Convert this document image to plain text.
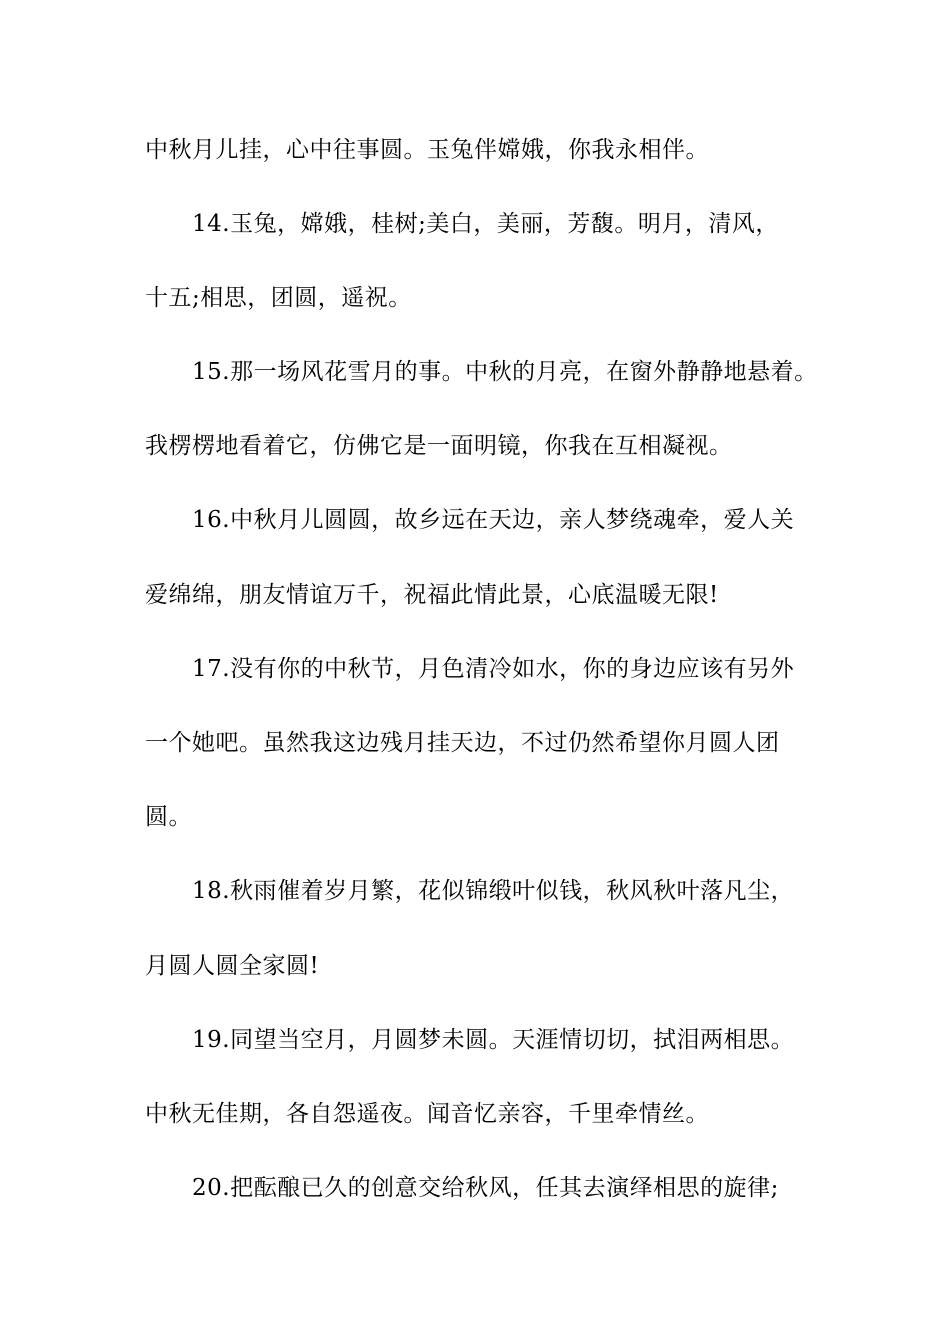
中秋月儿挂，心中往事圆。玉兔伴嫦娥，你我永相伴。
14.玉兔，嫦娥，桂树;美白，美丽，芳馥。明月，清风，
十五;相思，团圆，遥祝。
15.那一场风花雪月的事。中秋的月亮，在窗外静静地悬着。
我楞楞地看着它，仿佛它是一面明镜，你我在互相凝视。
16.中秋月儿圆圆，故乡远在天边，亲人梦绕魂牵，爱人关
爱绵绵，朋友情谊万千，祝福此情此景，心底温暖无限!
17.没有你的中秋节，月色清冷如水，你的身边应该有另外
一个她吧。虽然我这边残月挂天边，不过仍然希望你月圆人团
圆。
18.秋雨催着岁月繁，花似锦缎叶似钱，秋风秋叶落凡尘，
月圆人圆全家圆!
19.同望当空月，月圆梦未圆。天涯情切切，拭泪两相思。
中秋无佳期，各自怨遥夜。闻音忆亲容，千里牵情丝。
20.把酝酿已久的创意交给秋风，任其去演绎相思的旋律;
